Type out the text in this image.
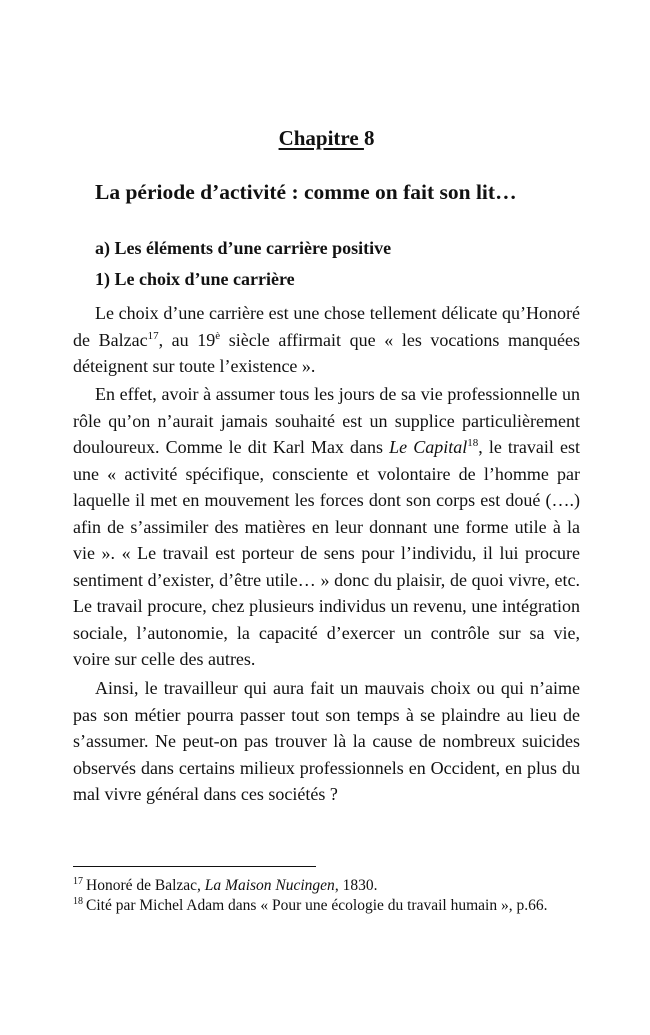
Chapitre 8
La période d’activité : comme on fait son lit…
a) Les éléments d’une carrière positive
1) Le choix d’une carrière

Le choix d’une carrière est une chose tellement délicate qu’Honoré de Balzac$^{17}$, au $19^è$ siècle affirmait que « les vocations manquées déteignent sur toute l’existence ».

En effet, avoir à assumer tous les jours de sa vie professionnelle un rôle qu’on n’aurait jamais souhaité est un supplice particulièrement douloureux. Comme le dit Karl Max dans Le Capital$^{18}$, le travail est une « activité spécifique, consciente et volontaire de l’homme par laquelle il met en mouvement les forces dont son corps est doué (….) afin de s’assimiler des matières en leur donnant une forme utile à la vie ». « Le travail est porteur de sens pour l’individu, il lui procure sentiment d’exister, d’être utile… » donc du plaisir, de quoi vivre, etc. Le travail procure, chez plusieurs individus un revenu, une intégration sociale, l’autonomie, la capacité d’exercer un contrôle sur sa vie, voire sur celle des autres.

Ainsi, le travailleur qui aura fait un mauvais choix ou qui n’aime pas son métier pourra passer tout son temps à se plaindre au lieu de s’assumer. Ne peut-on pas trouver là la cause de nombreux suicides observés dans certains milieux professionnels en Occident, en plus du mal vivre général dans ces sociétés ?

$^{17}$ Honoré de Balzac, La Maison Nucingen, 1830.

$^{18}$ Cité par Michel Adam dans « Pour une écologie du travail humain », p.66.
